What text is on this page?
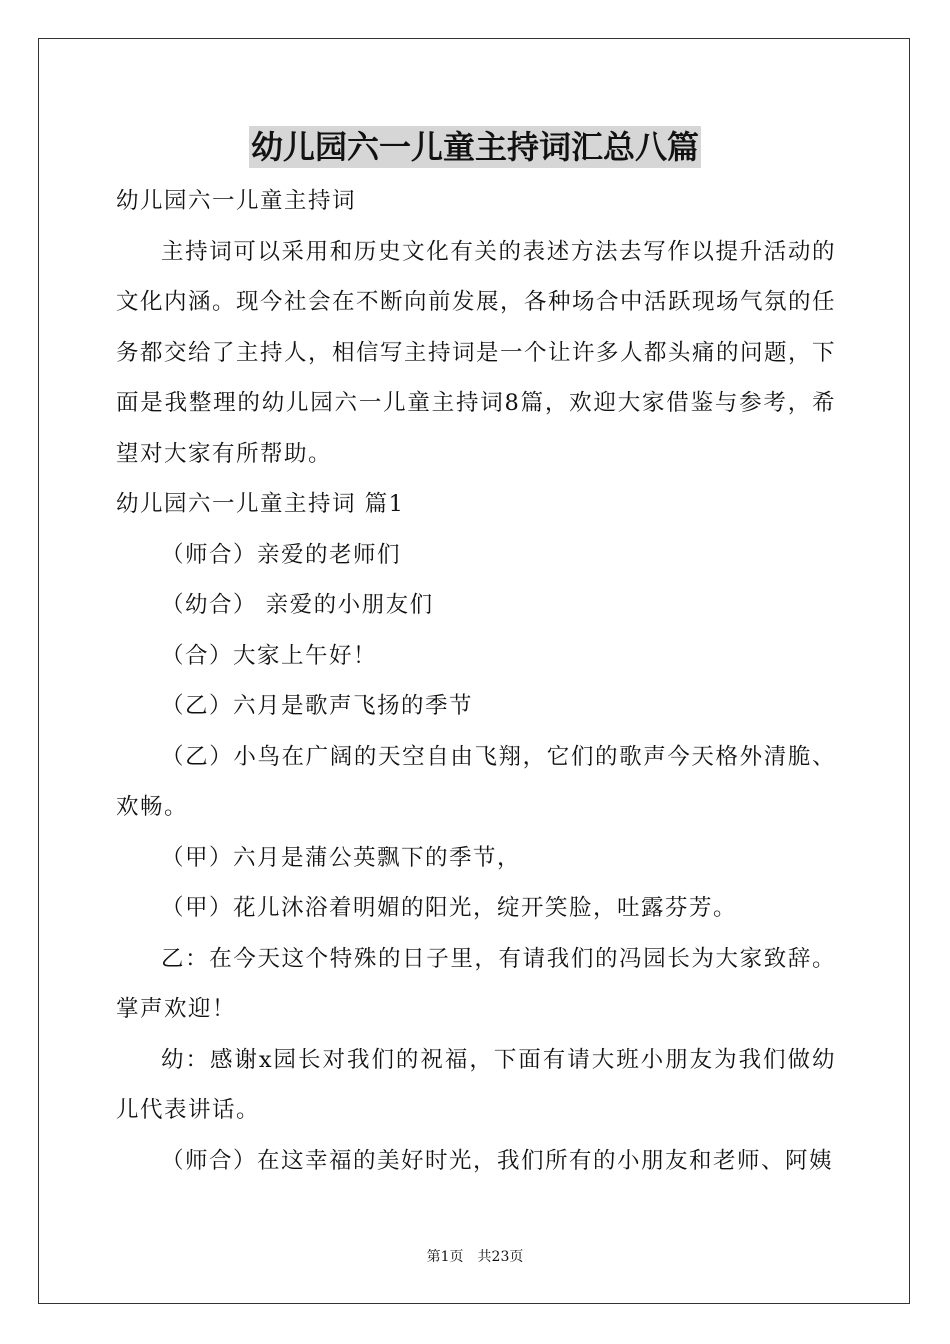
幼儿园六一儿童主持词汇总八篇

幼儿园六一儿童主持词

主持词可以采用和历史文化有关的表述方法去写作以提升活动的文化内涵。现今社会在不断向前发展，各种场合中活跃现场气氛的任务都交给了主持人，相信写主持词是一个让许多人都头痛的问题，下面是我整理的幼儿园六一儿童主持词8篇，欢迎大家借鉴与参考，希望对大家有所帮助。

幼儿园六一儿童主持词 篇1

（师合）亲爱的老师们

（幼合） 亲爱的小朋友们

（合）大家上午好！

（乙）六月是歌声飞扬的季节

（乙）小鸟在广阔的天空自由飞翔，它们的歌声今天格外清脆、欢畅。

（甲）六月是蒲公英飘下的季节，

（甲）花儿沐浴着明媚的阳光，绽开笑脸，吐露芬芳。

乙：在今天这个特殊的日子里，有请我们的冯园长为大家致辞。掌声欢迎！

幼：感谢x园长对我们的祝福，下面有请大班小朋友为我们做幼儿代表讲话。

（师合）在这幸福的美好时光，我们所有的小朋友和老师、阿姨

第1页　共23页
